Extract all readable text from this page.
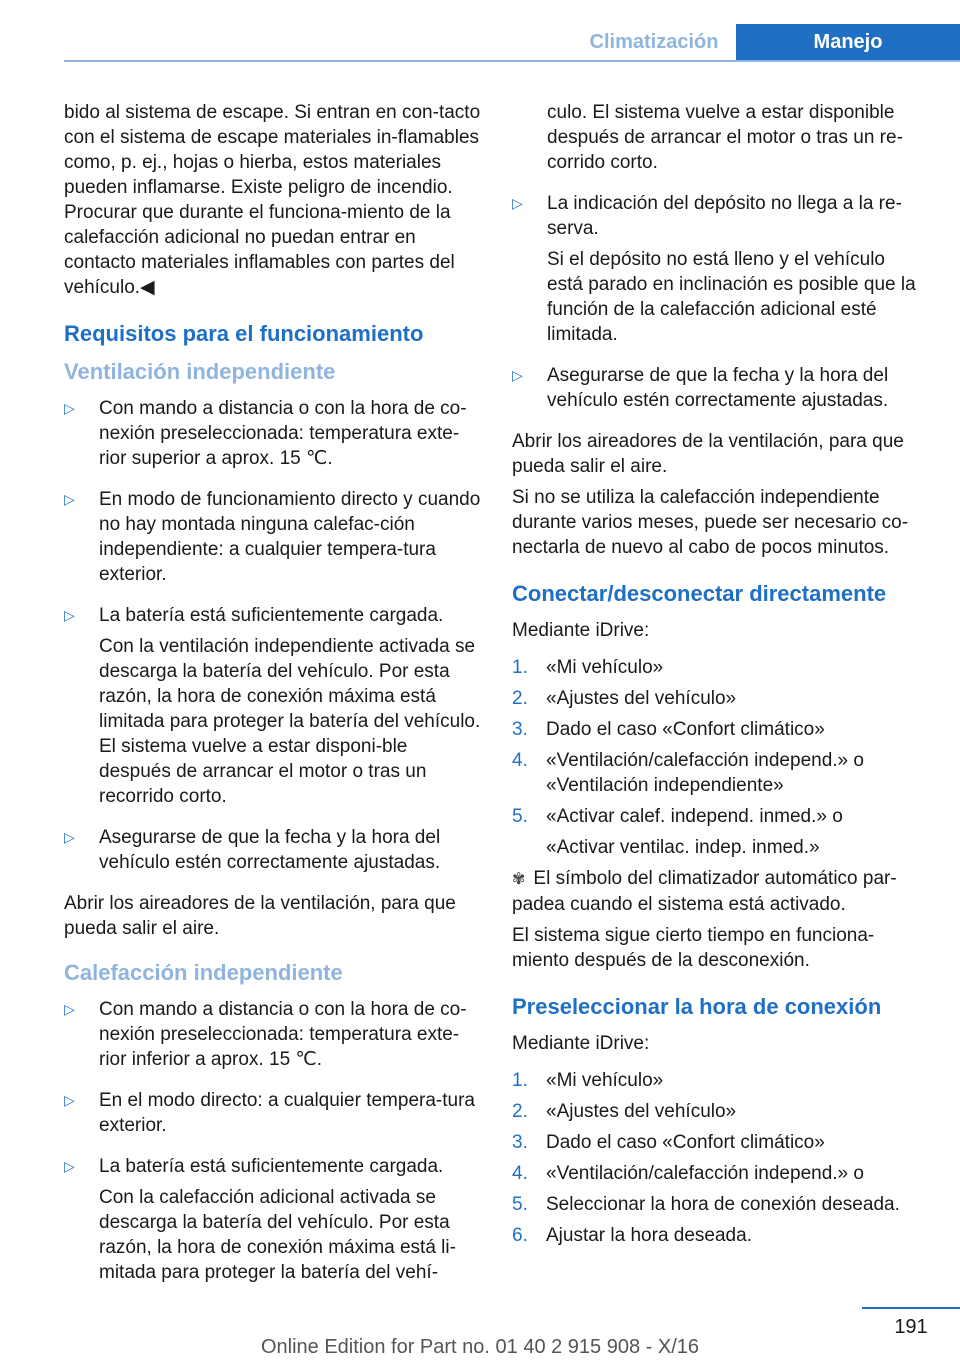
Climatización	Manejo

bido al sistema de escape. Si entran en con-tacto con el sistema de escape materiales in-flamables como, p. ej., hojas o hierba, estos materiales pueden inflamarse. Existe peligro de incendio. Procurar que durante el funciona-miento de la calefacción adicional no puedan entrar en contacto materiales inflamables con partes del vehículo.◀

Requisitos para el funcionamiento
Ventilación independiente
▷	Con mando a distancia o con la hora de co-nexión preseleccionada: temperatura exte-rior superior a aprox. 15 ℃.

▷	En modo de funcionamiento directo y cuando no hay montada ninguna calefac-ción independiente: a cualquier tempera-tura exterior.

▷	La batería está suficientemente cargada.

Con la ventilación independiente activada se descarga la batería del vehículo. Por esta razón, la hora de conexión máxima está limitada para proteger la batería del vehículo. El sistema vuelve a estar disponi-ble después de arrancar el motor o tras un recorrido corto.

▷	Asegurarse de que la fecha y la hora del vehículo estén correctamente ajustadas.

Abrir los aireadores de la ventilación, para que pueda salir el aire.

Calefacción independiente
▷	Con mando a distancia o con la hora de co-nexión preseleccionada: temperatura exte-rior inferior a aprox. 15 ℃.

▷	En el modo directo: a cualquier tempera-tura exterior.

▷	La batería está suficientemente cargada.

Con la calefacción adicional activada se descarga la batería del vehículo. Por esta razón, la hora de conexión máxima está li-mitada para proteger la batería del vehí-

culo. El sistema vuelve a estar disponible después de arrancar el motor o tras un re-corrido corto.

▷	La indicación del depósito no llega a la re-serva.

Si el depósito no está lleno y el vehículo está parado en inclinación es posible que la función de la calefacción adicional esté limitada.

▷	Asegurarse de que la fecha y la hora del vehículo estén correctamente ajustadas.

Abrir los aireadores de la ventilación, para que pueda salir el aire.

Si no se utiliza la calefacción independiente durante varios meses, puede ser necesario co-nectarla de nuevo al cabo de pocos minutos.

Conectar/desconectar directamente

Mediante iDrive:

1. «Mi vehículo»
2. «Ajustes del vehículo»
3. Dado el caso «Confort climático»
4. «Ventilación/calefacción independ.» o «Ventilación independiente»
5. «Activar calef. independ. inmed.» o
«Activar ventilac. indep. inmed.»

✾ El símbolo del climatizador automático par-padea cuando el sistema está activado.

El sistema sigue cierto tiempo en funciona-miento después de la desconexión.

Preseleccionar la hora de conexión

Mediante iDrive:

1. «Mi vehículo»
2. «Ajustes del vehículo»
3. Dado el caso «Confort climático»
4. «Ventilación/calefacción independ.» o
5. Seleccionar la hora de conexión deseada.
6. Ajustar la hora deseada.
191
Online Edition for Part no. 01 40 2 915 908 - X/16
